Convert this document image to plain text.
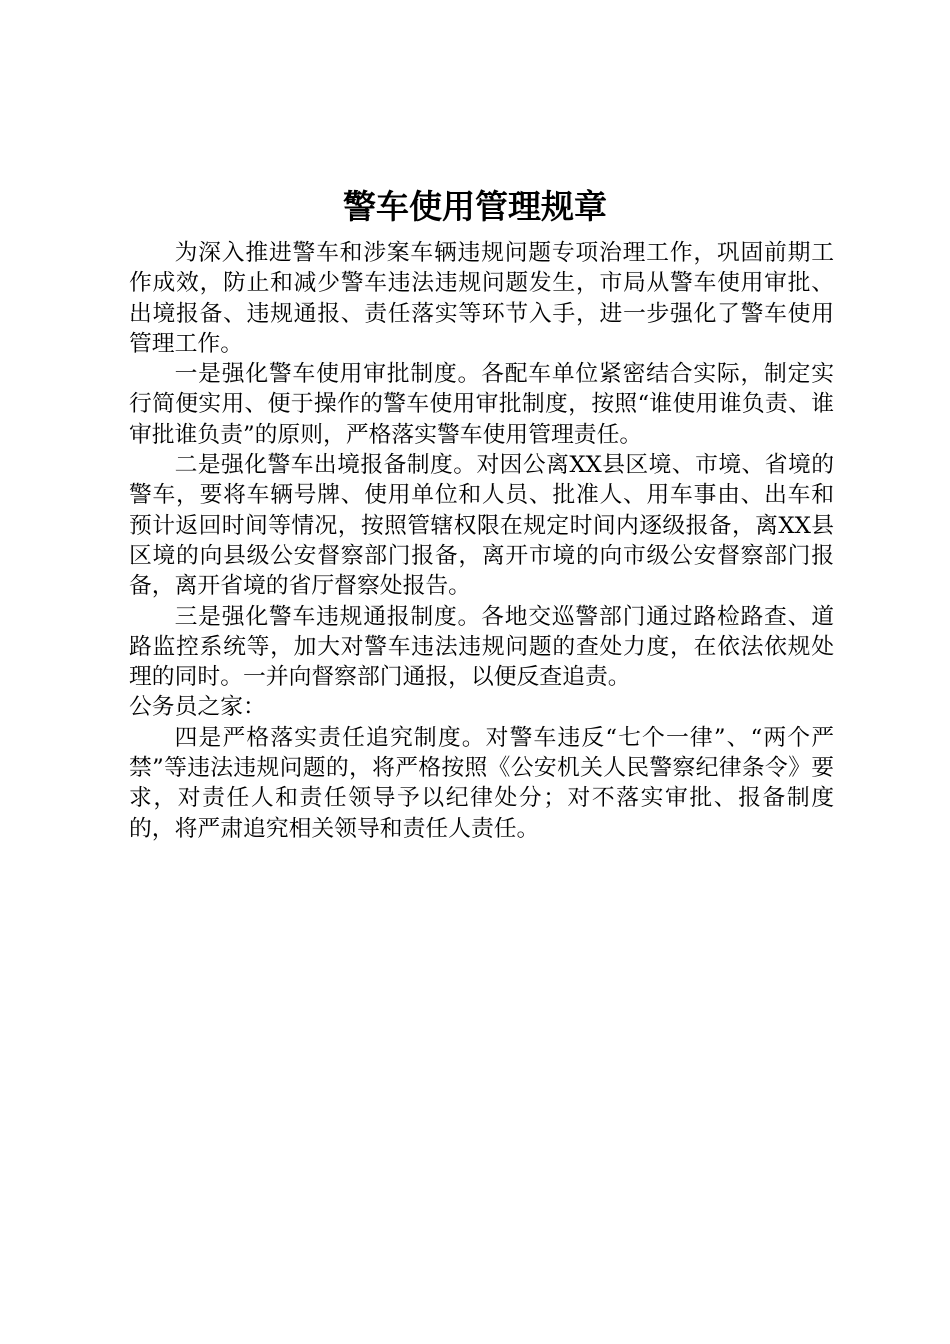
警车使用管理规章

为深入推进警车和涉案车辆违规问题专项治理工作，巩固前期工作成效，防止和减少警车违法违规问题发生，市局从警车使用审批、出境报备、违规通报、责任落实等环节入手，进一步强化了警车使用管理工作。

一是强化警车使用审批制度。各配车单位紧密结合实际，制定实行简便实用、便于操作的警车使用审批制度，按照“谁使用谁负责、谁审批谁负责”的原则，严格落实警车使用管理责任。

二是强化警车出境报备制度。对因公离XX县区境、市境、省境的警车，要将车辆号牌、使用单位和人员、批准人、用车事由、出车和预计返回时间等情况，按照管辖权限在规定时间内逐级报备，离XX县区境的向县级公安督察部门报备，离开市境的向市级公安督察部门报备，离开省境的省厅督察处报告。

三是强化警车违规通报制度。各地交巡警部门通过路检路查、道路监控系统等，加大对警车违法违规问题的查处力度，在依法依规处理的同时。一并向督察部门通报，以便反查追责。

公务员之家：

四是严格落实责任追究制度。对警车违反“七个一律”、“两个严禁”等违法违规问题的，将严格按照《公安机关人民警察纪律条令》要求，对责任人和责任领导予以纪律处分；对不落实审批、报备制度的，将严肃追究相关领导和责任人责任。
